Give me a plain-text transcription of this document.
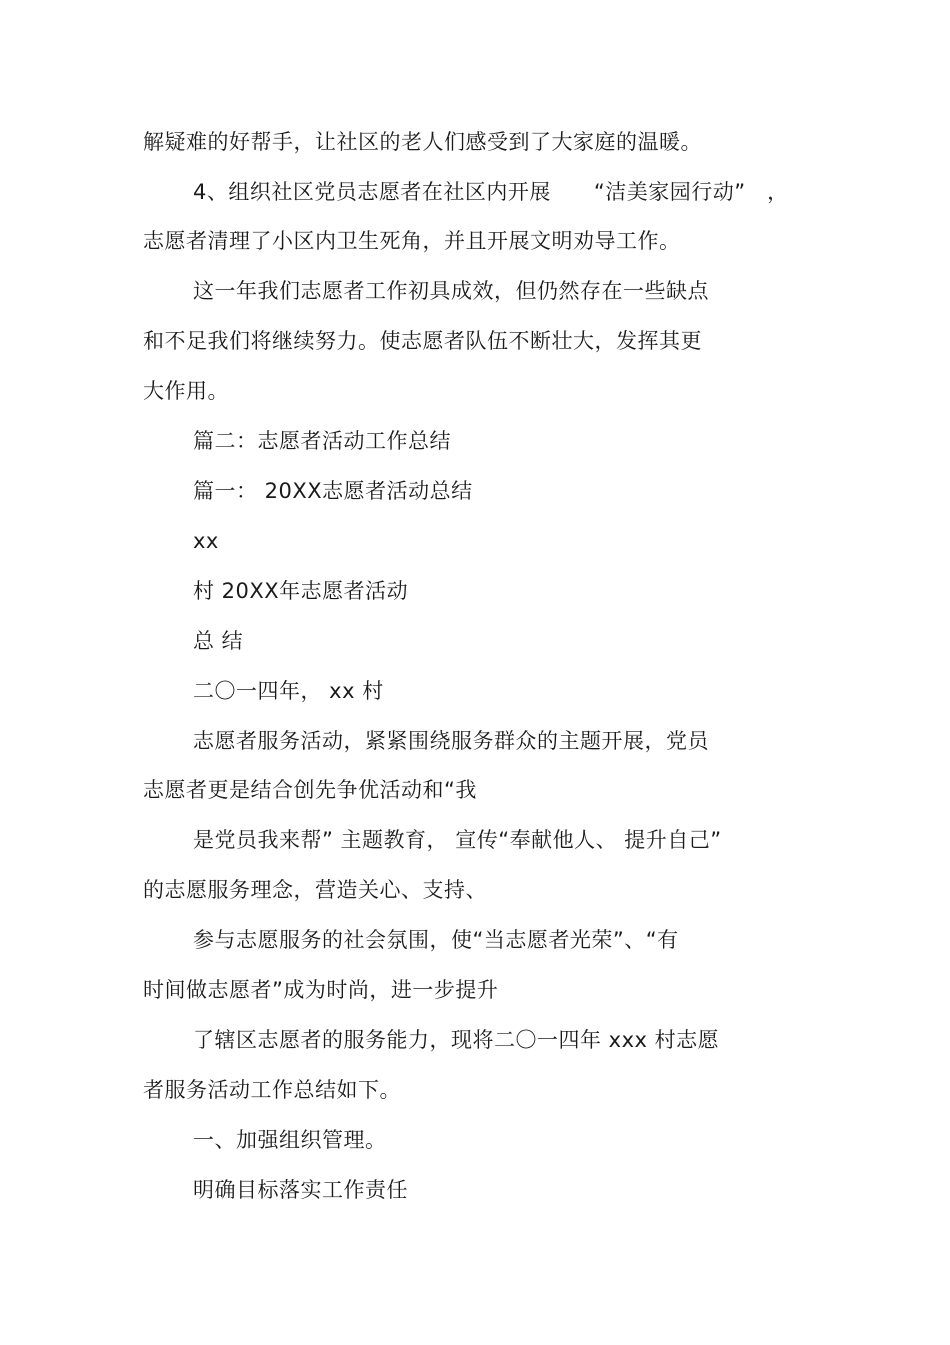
解疑难的好帮手，让社区的老人们感受到了大家庭的温暖。
4、组织社区党员志愿者在社区内开展　　“洁美家园行动”　，
志愿者清理了小区内卫生死角，并且开展文明劝导工作。
这一年我们志愿者工作初具成效，但仍然存在一些缺点
和不足我们将继续努力。使志愿者队伍不断壮大，发挥其更
大作用。
篇二：志愿者活动工作总结
篇一： 20XX志愿者活动总结
xx
村 20XX年志愿者活动
总 结
二〇一四年， xx 村
志愿者服务活动，紧紧围绕服务群众的主题开展，党员
志愿者更是结合创先争优活动和“我
是党员我来帮” 主题教育， 宣传“奉献他人、 提升自己”
的志愿服务理念，营造关心、支持、
参与志愿服务的社会氛围，使“当志愿者光荣”、“有
时间做志愿者”成为时尚，进一步提升
了辖区志愿者的服务能力，现将二〇一四年 xxx 村志愿
者服务活动工作总结如下。
一、加强组织管理。
明确目标落实工作责任
